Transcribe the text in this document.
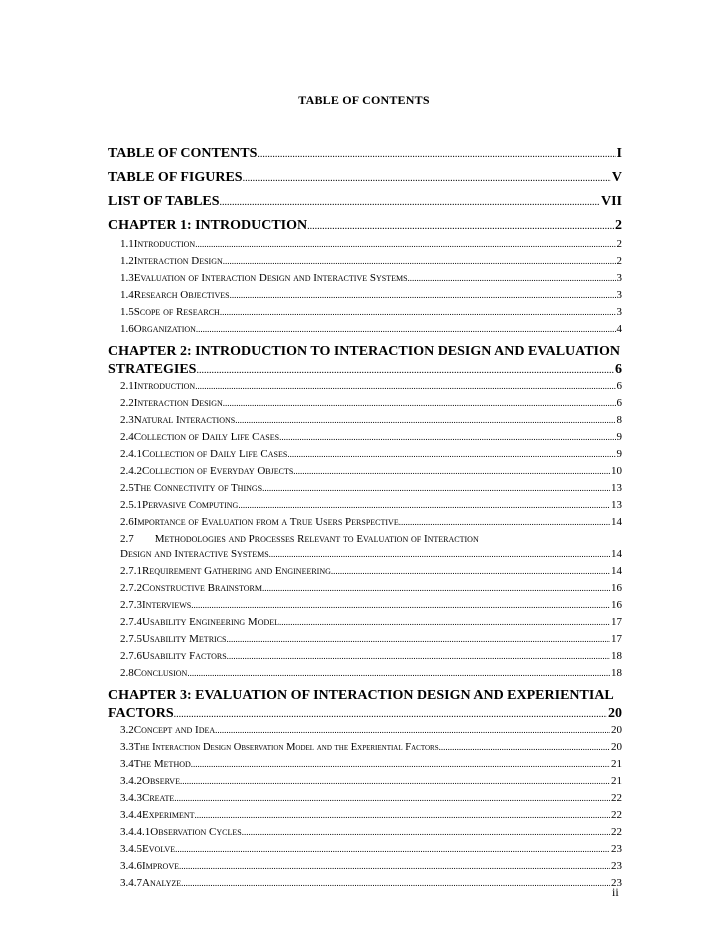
TABLE OF CONTENTS
TABLE OF CONTENTS .....	I
TABLE OF FIGURES .....	V
LIST OF TABLES .....	VII
CHAPTER 1: INTRODUCTION .....	2
1.1 Introduction .....	2
1.2 Interaction Design .....	2
1.3 Evaluation of Interaction Design and Interactive Systems .....	3
1.4 Research Objectives .....	3
1.5 Scope of Research .....	3
1.6 Organization .....	4
CHAPTER 2: INTRODUCTION TO INTERACTION DESIGN AND EVALUATION
STRATEGIES .....	6
2.1 Introduction .....	6
2.2 Interaction Design .....	6
2.3 Natural Interactions .....	8
2.4 Collection of Daily Life Cases .....	9
2.4.1 Collection of Daily Life Cases .....	9
2.4.2 Collection of Everyday Objects .....	10
2.5 The Connectivity of Things .....	13
2.5.1 Pervasive Computing .....	13
2.6 Importance of Evaluation from a True Users Perspective .....	14
2.7 Methodologies and Processes Relevant to Evaluation of Interaction
Design and Interactive Systems .....	14
2.7.1 Requirement Gathering and Engineering .....	14
2.7.2 Constructive Brainstorm .....	16
2.7.3 Interviews .....	16
2.7.4 Usability Engineering Model .....	17
2.7.5 Usability Metrics .....	17
2.7.6 Usability Factors .....	18
2.8 Conclusion .....	18
CHAPTER 3: EVALUATION OF INTERACTION DESIGN AND EXPERIENTIAL
FACTORS .....	20
3.2 Concept and Idea .....	20
3.3 The Interaction Design Observation Model and the Experiential Factors .....	20
3.4 The Method .....	21
3.4.2 Observe .....	21
3.4.3 Create .....	22
3.4.4 Experiment .....	22
3.4.4.1 Observation Cycles .....	22
3.4.5 Evolve .....	23
3.4.6 Improve .....	23
3.4.7 Analyze .....	23
ii
